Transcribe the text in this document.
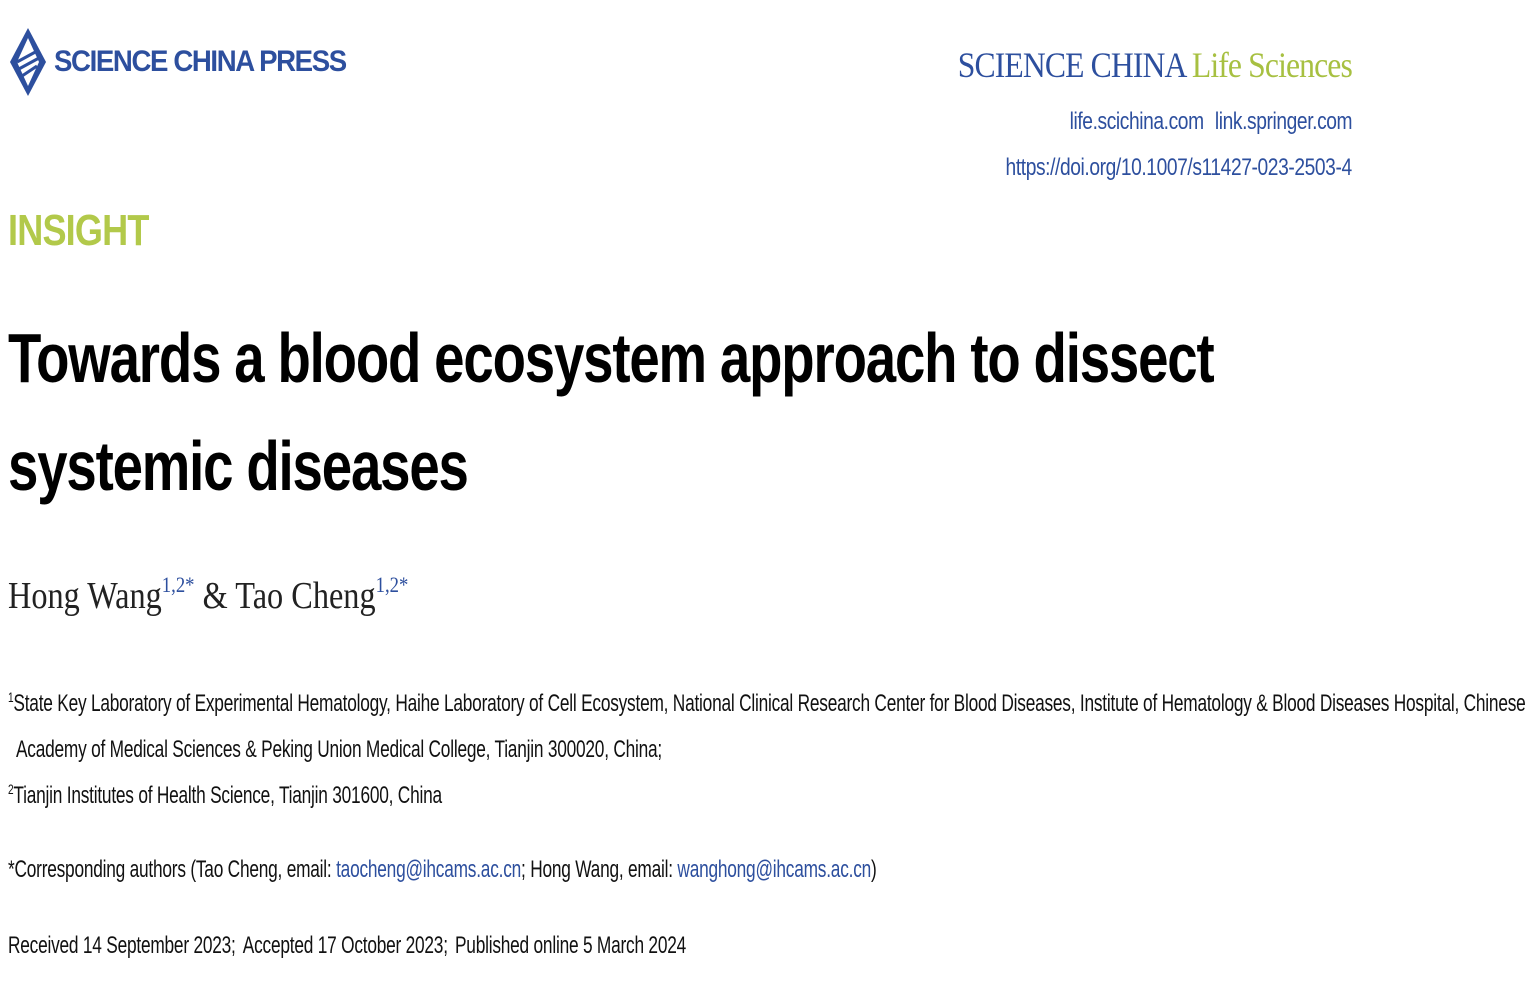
SCIENCE CHINA PRESS	SCIENCE CHINA Life Sciences
life.scichina.com link.springer.com
https://doi.org/10.1007/s11427-023-2503-4
INSIGHT
Towards a blood ecosystem approach to dissect
systemic diseases
Hong Wang$^{1,2*}$ & Tao Cheng$^{1,2*}$
$^1$State Key Laboratory of Experimental Hematology, Haihe Laboratory of Cell Ecosystem, National Clinical Research Center for Blood Diseases, Institute of Hematology & Blood Diseases Hospital, Chinese
Academy of Medical Sciences & Peking Union Medical College, Tianjin 300020, China;
$^2$Tianjin Institutes of Health Science, Tianjin 301600, China
*Corresponding authors (Tao Cheng, email: taocheng@ihcams.ac.cn; Hong Wang, email: wanghong@ihcams.ac.cn)
Received 14 September 2023; Accepted 17 October 2023; Published online 5 March 2024
